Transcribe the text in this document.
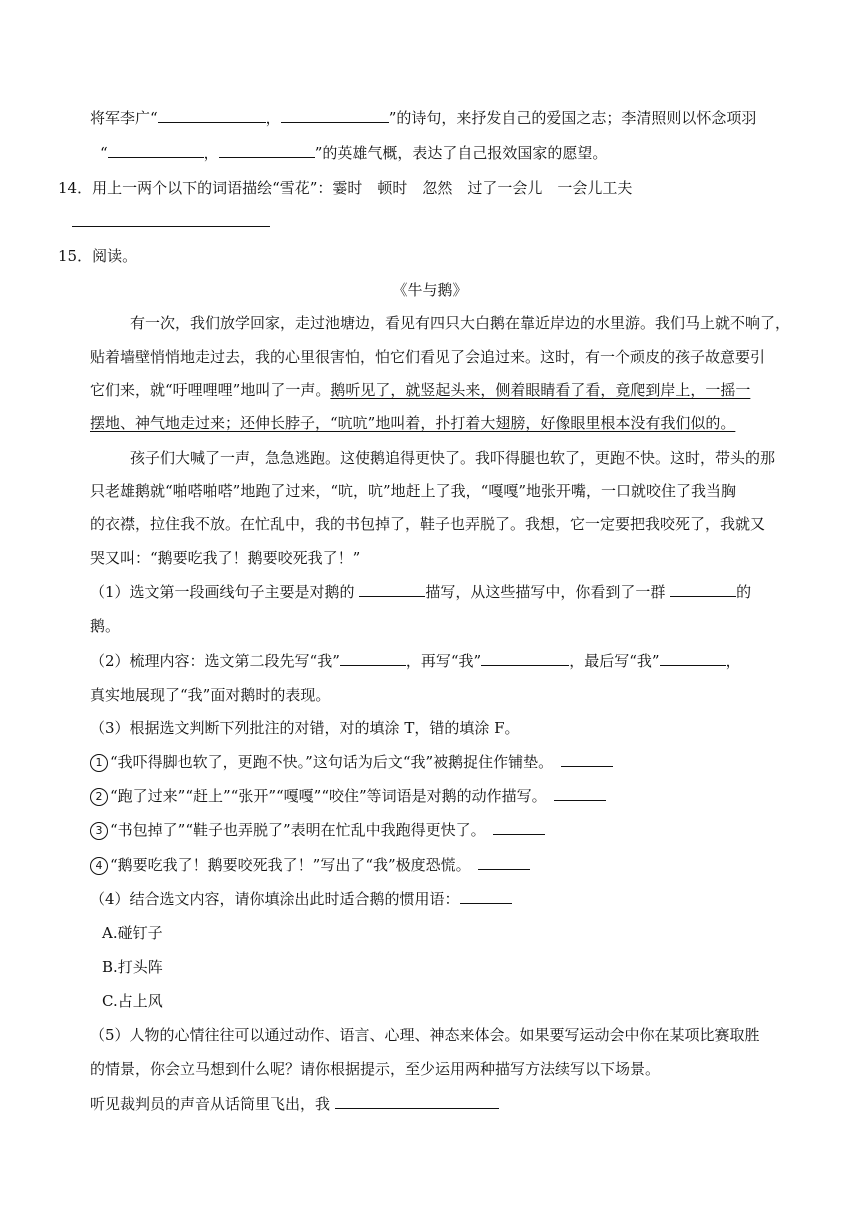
将军李广“	，	”的诗句，来抒发自己的爱国之志；李清照则以怀念项羽
“	，	”的英雄气概，表达了自己报效国家的愿望。
14．用上一两个以下的词语描绘“雪花”：霎时　顿时　忽然　过了一会儿　一会儿工夫
15．阅读。
《牛与鹅》
有一次，我们放学回家，走过池塘边，看见有四只大白鹅在靠近岸边的水里游。我们马上就不响了，
贴着墙壁悄悄地走过去，我的心里很害怕，怕它们看见了会追过来。这时，有一个顽皮的孩子故意要引
它们来，就“吁哩哩哩”地叫了一声。鹅听见了，就竖起头来，侧着眼睛看了看，竟爬到岸上，一摇一
摆地、神气地走过来；还伸长脖子，“吭吭”地叫着，扑打着大翅膀，好像眼里根本没有我们似的。
孩子们大喊了一声，急急逃跑。这使鹅追得更快了。我吓得腿也软了，更跑不快。这时，带头的那
只老雄鹅就“啪嗒啪嗒”地跑了过来，“吭，吭”地赶上了我，“嘎嘎”地张开嘴，一口就咬住了我当胸
的衣襟，拉住我不放。在忙乱中，我的书包掉了，鞋子也弄脱了。我想，它一定要把我咬死了，我就又
哭又叫：“鹅要吃我了！鹅要咬死我了！”
（1）选文第一段画线句子主要是对鹅的	描写，从这些描写中，你看到了一群	的
鹅。
（2）梳理内容：选文第二段先写“我”	，再写“我”	，最后写“我”	，
真实地展现了“我”面对鹅时的表现。
（3）根据选文判断下列批注的对错，对的填涂 T，错的填涂 F。
1 “我吓得脚也软了，更跑不快。”这句话为后文“我”被鹅捉住作铺垫。　
2 “跑了过来”“赶上”“张开”“嘎嘎”“咬住”等词语是对鹅的动作描写。　
3 “书包掉了”“鞋子也弄脱了”表明在忙乱中我跑得更快了。　
4 “鹅要吃我了！鹅要咬死我了！”写出了“我”极度恐慌。　
（4）结合选文内容，请你填涂出此时适合鹅的惯用语：
A.碰钉子
B.打头阵
C.占上风
（5）人物的心情往往可以通过动作、语言、心理、神态来体会。如果要写运动会中你在某项比赛取胜
的情景，你会立马想到什么呢？请你根据提示，至少运用两种描写方法续写以下场景。
听见裁判员的声音从话筒里飞出，我
